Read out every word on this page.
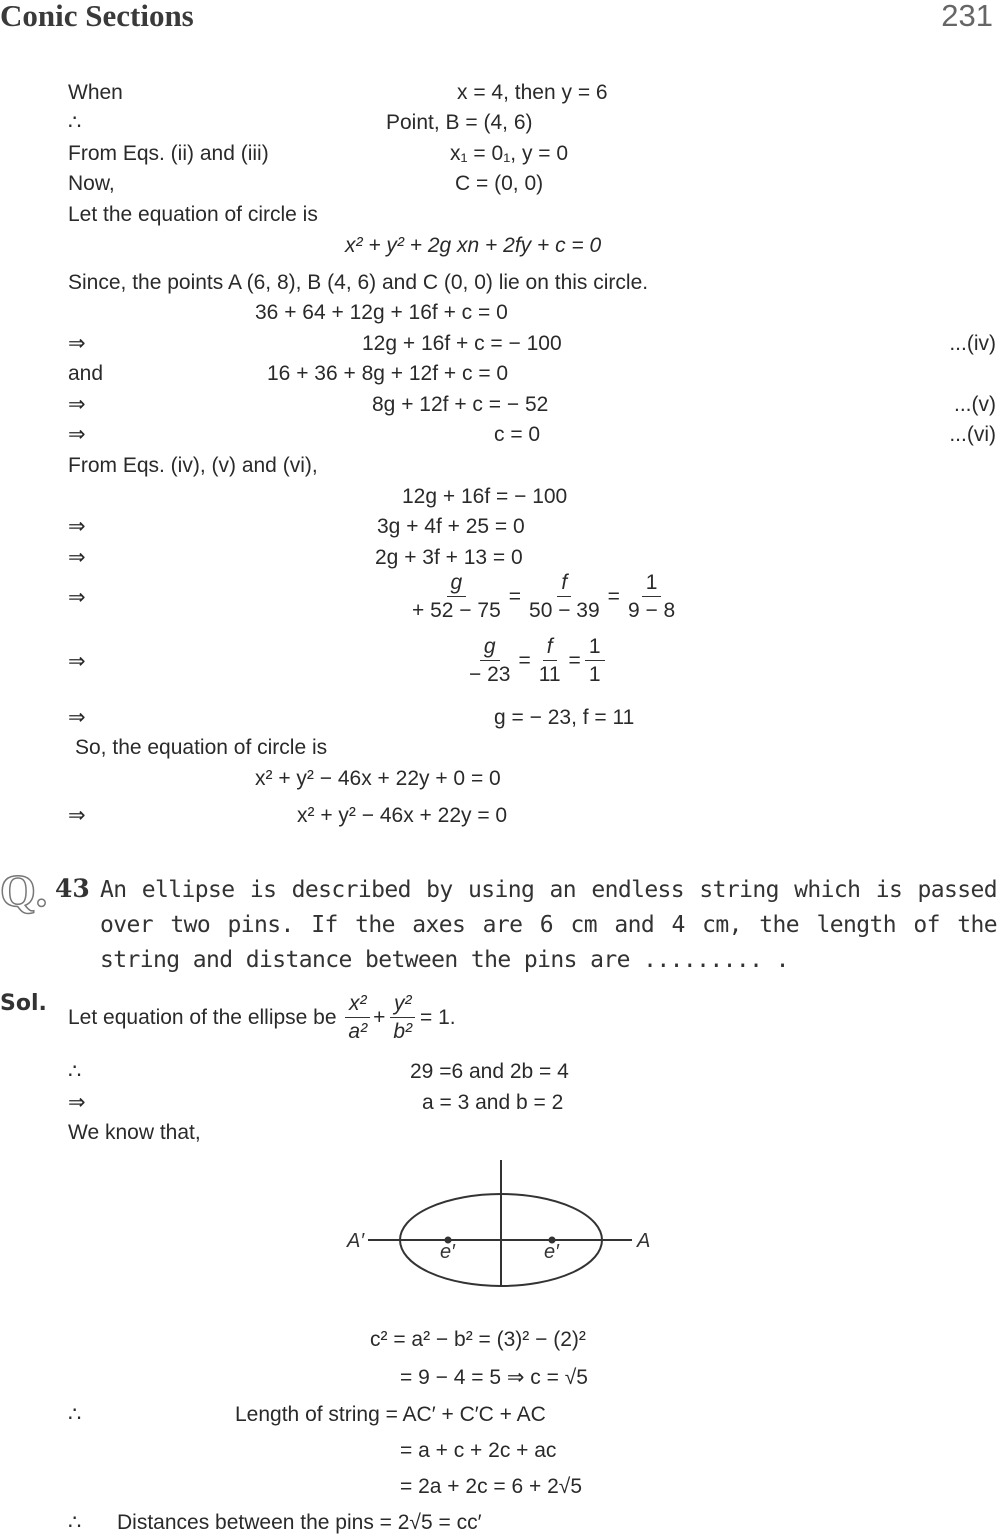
Conic Sections	231
When	x = 4, then y = 6
∴	Point, B = (4, 6)
From Eqs. (ii) and (iii)	x₁ = 0₁, y = 0
Now,	C = (0, 0)
Let the equation of circle is
x² + y² + 2g xn + 2fy + c = 0
Since, the points A (6, 8), B (4, 6) and C (0, 0) lie on this circle.
36 + 64 + 12g + 16f + c = 0
⇒	12g + 16f + c = − 100	...(iv)
and	16 + 36 + 8g + 12f + c = 0
⇒	8g + 12f + c = − 52	...(v)
⇒	c = 0	...(vi)
From Eqs. (iv), (v) and (vi),
12g + 16f = − 100
⇒	3g + 4f + 25 = 0
⇒	2g + 3f + 13 = 0
⇒	$\frac{g}{+ 52 - 75} = \frac{f}{50 - 39} = \frac{1}{9 - 8}$
⇒	$\frac{g}{- 23} = \frac{f}{11} = \frac{1}{1}$
⇒	g = − 23, f = 11
So, the equation of circle is
x² + y² − 46x + 22y + 0 = 0
⇒	x² + y² − 46x + 22y = 0
Q. 43 An ellipse is described by using an endless string which is passed over two pins. If the axes are 6 cm and 4 cm, the length of the string and distance between the pins are ......... .
Sol.
Let equation of the ellipse be $\frac{\text{x²}}{\text{a²}} + \frac{\text{y²}}{\text{b²}} = 1$.
∴	29 =6 and 2b = 4
⇒	a = 3 and b = 2
We know that,
A′	A
e′	e′
c² = a² − b² = (3)² − (2)²
= 9 − 4 = 5 ⇒ c = √5
∴	Length of string = AC′ + C′C + AC
= a + c + 2c + ac
= 2a + 2c = 6 + 2√5
∴ Distances between the pins = 2√5 = cc′
